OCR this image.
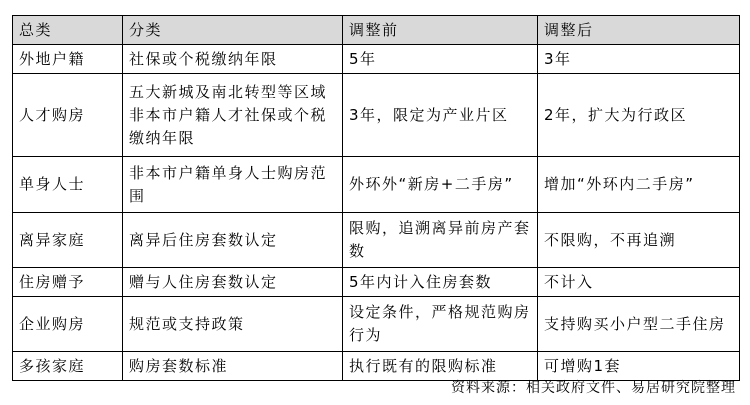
总类	分类	调整前	调整后
外地户籍	社保或个税缴纳年限	5年	3年
人才购房	五大新城及南北转型等区域非本市户籍人才社保或个税缴纳年限	3年，限定为产业片区	2年，扩大为行政区
单身人士	非本市户籍单身人士购房范围	外环外“新房+二手房”	增加“外环内二手房”
离异家庭	离异后住房套数认定	限购，追溯离异前房产套数	不限购，不再追溯
住房赠予	赠与人住房套数认定	5年内计入住房套数	不计入
企业购房	规范或支持政策	设定条件，严格规范购房行为	支持购买小户型二手住房
多孩家庭	购房套数标准	执行既有的限购标准	可增购1套
资料来源：相关政府文件、易居研究院整理
